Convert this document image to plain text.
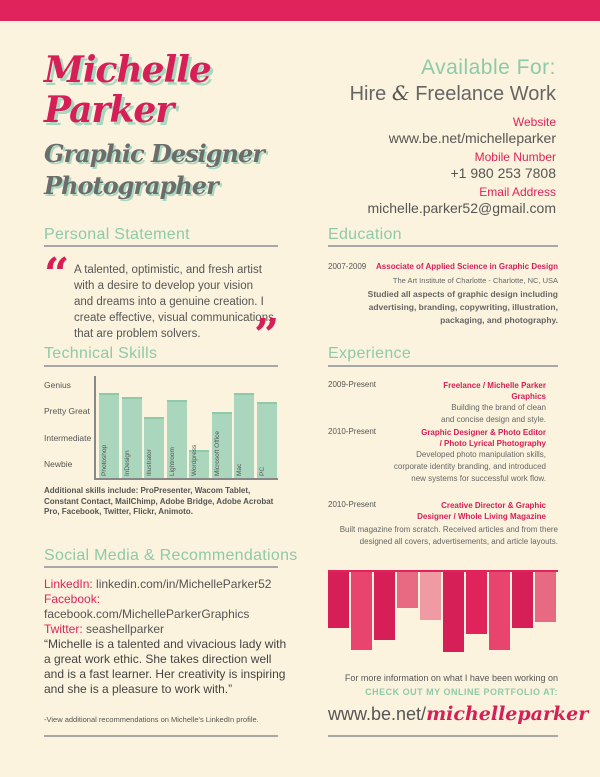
Michelle
Parker
Graphic Designer
Photographer
Available For:
Hire & Freelance Work
Website
www.be.net/michelleparker
Mobile Number
+1 980 253 7808
Email Address
michelle.parker52@gmail.com
Personal Statement
“ A talented, optimistic, and fresh artist with a desire to develop your vision and dreams into a genuine creation. I create effective, visual communications that are problem solvers.	”
Technical Skills
Genius
Pretty Great
Intermediate
Newbie	Photoshop InDesign Illustrator Lightroom Wordpress Microsoft Office Mac PC
Additional skills include: ProPresenter, Wacom Tablet, Constant Contact, MailChimp, Adobe Bridge, Adobe Acrobat Pro, Facebook, Twitter, Flickr, Animoto.
Social Media & Recommendations
LinkedIn: linkedin.com/in/MichelleParker52
Facebook: facebook.com/MichelleParkerGraphics
Twitter: seashellparker
“Michelle is a talented and vivacious lady with a great work ethic. She takes direction well and is a fast learner. Her creativity is inspiring and she is a pleasure to work with.”
-View additional recommendations on Michelle's LinkedIn profile.
Education
2007-2009	Associate of Applied Science in Graphic Design
The Art Institute of Charlotte - Charlotte, NC, USA
Studied all aspects of graphic design including advertising, branding, copywriting, illustration, packaging, and photography.
Experience
2009-Present	Freelance / Michelle Parker Graphics
Building the brand of clean and concise design and style.
2010-Present	Graphic Designer & Photo Editor / Photo Lyrical Photography
Developed photo manipulation skills, corporate identity branding, and introduced new systems for successful work flow.
2010-Present	Creative Director & Graphic Designer / Whole Living Magazine
Built magazine from scratch. Received articles and from there designed all covers, advertisements, and article layouts.
For more information on what I have been working on
CHECK OUT MY ONLINE PORTFOLIO AT:
www.be.net/michelleparker
